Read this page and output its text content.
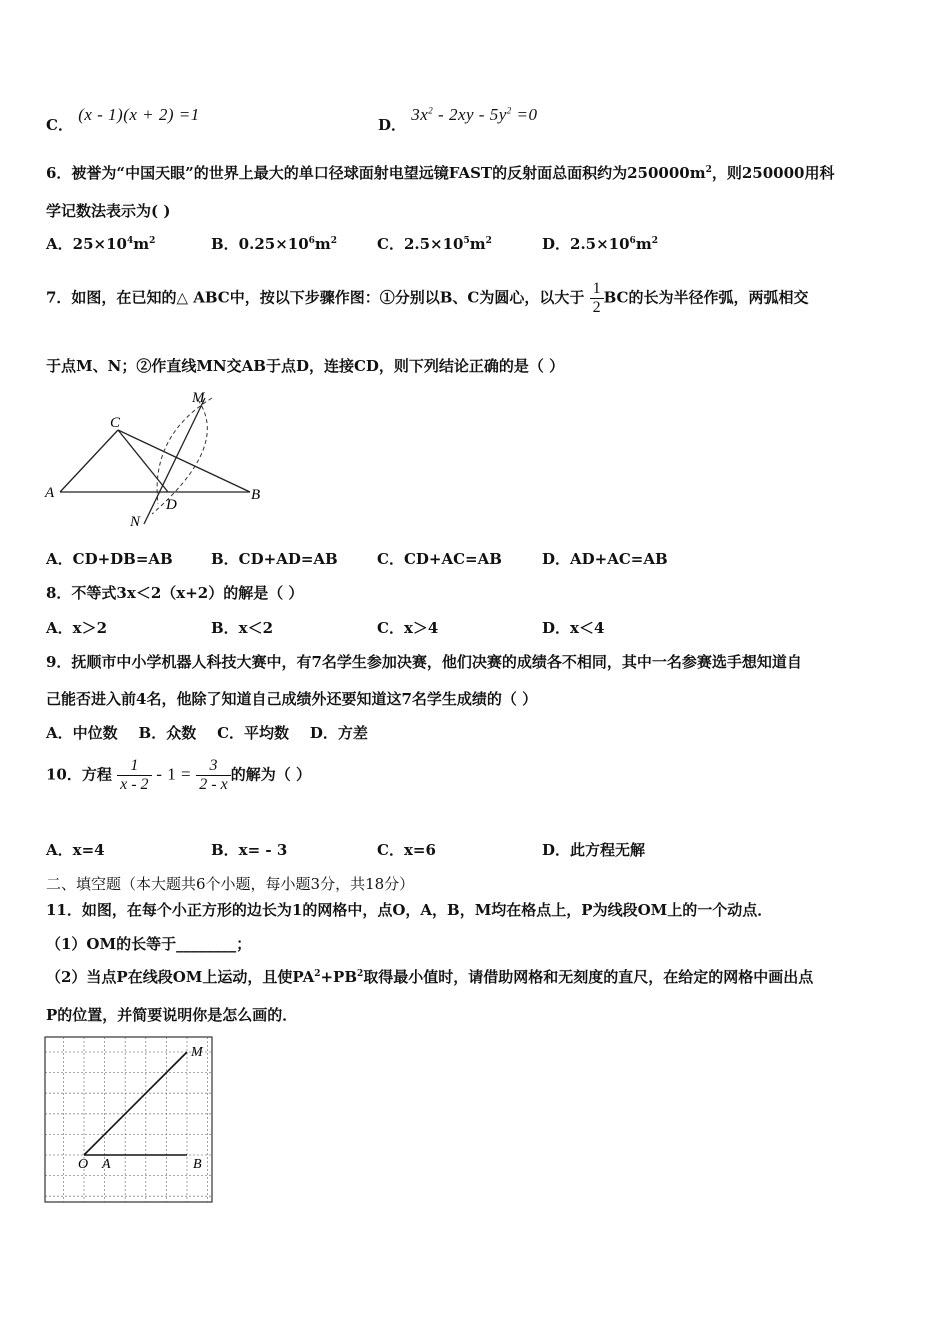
C． (x - 1)(x + 2) =1
D． $3x^2 - 2xy - 5y^2 =0$
6．被誉为“中国天眼”的世界上最大的单口径球面射电望远镜FAST的反射面总面积约为$250000m^2$，则250000用科
学记数法表示为( )
A．$25\times 10^4m^2$	B．$0.25\times 10^6m^2$	C．$2.5\times 10^5m^2$	D．$2.5\times 10^6m^2$
7．如图，在已知的△ ABC中，按以下步骤作图：①分别以B、C为圆心，以大于 $\frac{1}{2}$ BC的长为半径作弧，两弧相交
于点M、N；②作直线MN交AB于点D，连接CD，则下列结论正确的是（ ）
M
C
A	B
D
N
A．CD+DB=AB	B．CD+AD=AB	C．CD+AC=AB	D．AD+AC=AB
8．不等式3x＜2（x+2）的解是（ ）
A．x＞2	B．x＜2	C．x＞4	D．x＜4
9．抚顺市中小学机器人科技大赛中，有7名学生参加决赛，他们决赛的成绩各不相同，其中一名参赛选手想知道自
己能否进入前4名，他除了知道自己成绩外还要知道这7名学生成绩的（ ）
A．中位数    B．众数    C．平均数    D．方差
10．方程 $\frac{1}{x - 2} - 1 = \frac{3}{2 - x}$ 的解为（ ）
A．x=4	B．x= - 3	C．x=6	D．此方程无解
二、填空题（本大题共6个小题，每小题3分，共18分）
11．如图，在每个小正方形的边长为1的网格中，点O，A，B，M均在格点上，P为线段OM上的一个动点．
（1）OM的长等于________；
（2）当点P在线段OM上运动，且使$PA^2+PB^2$取得最小值时，请借助网格和无刻度的直尺，在给定的网格中画出点
P的位置，并简要说明你是怎么画的．
M
O A	B
